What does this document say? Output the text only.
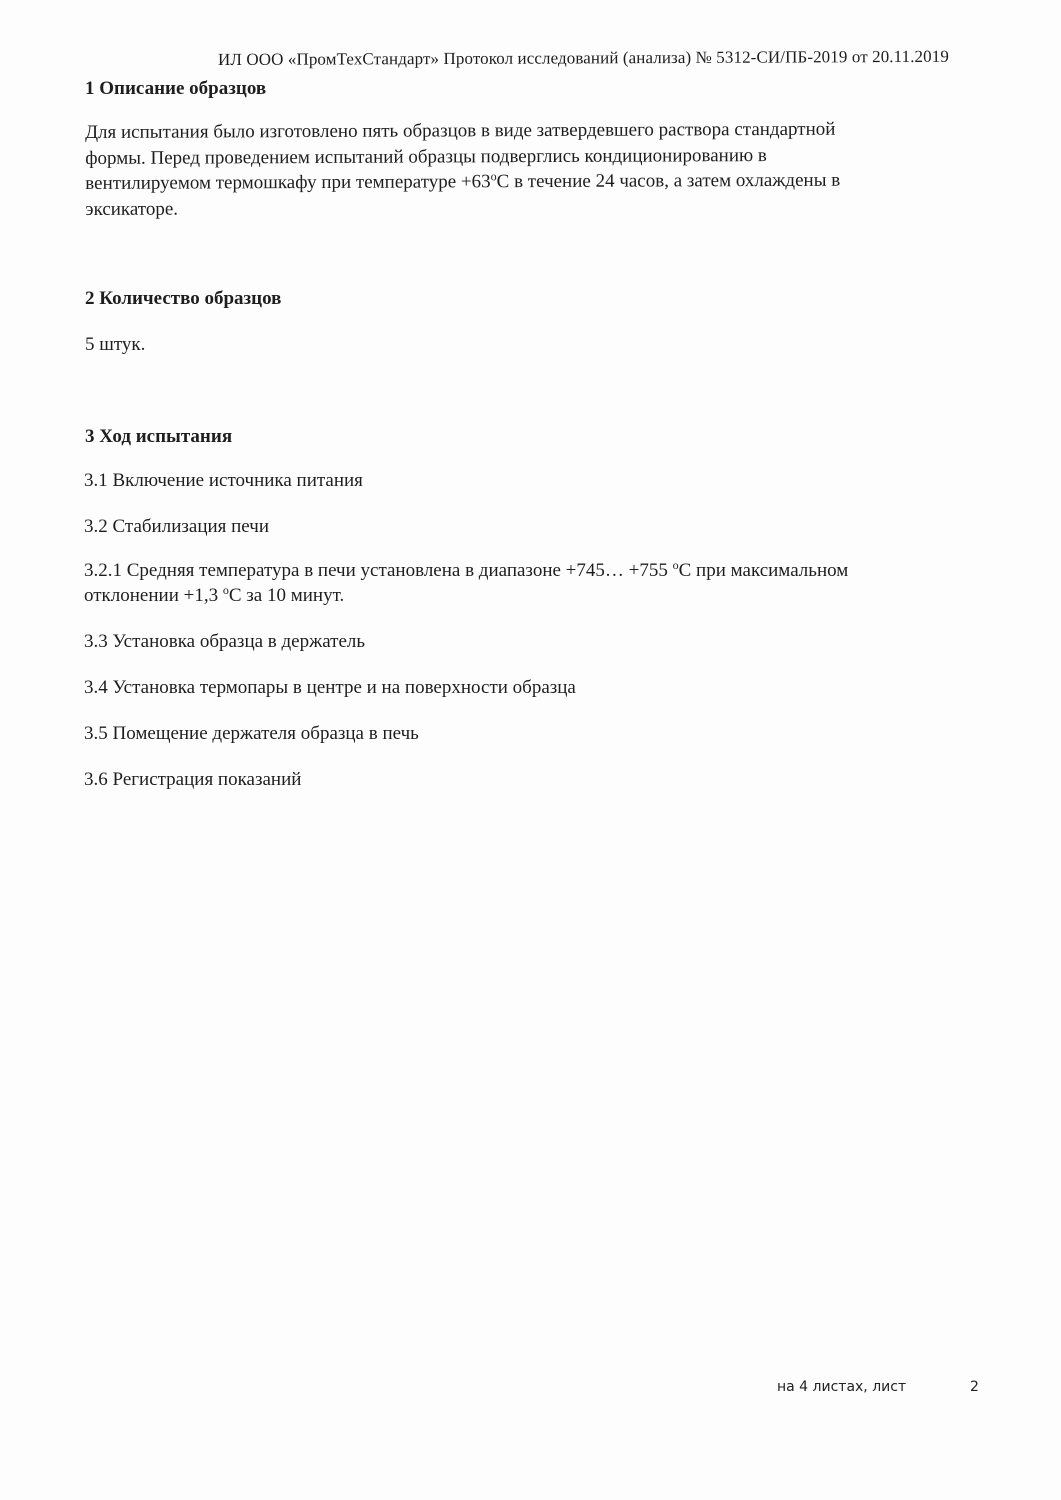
ИЛ ООО «ПромТехСтандарт» Протокол исследований (анализа) № 5312-СИ/ПБ-2019 от 20.11.2019
1 Описание образцов
Для испытания было изготовлено пять образцов в виде затвердевшего раствора стандартной
формы. Перед проведением испытаний образцы подверглись кондиционированию в
вентилируемом термошкафу при температуре $+63^оС$ в течение 24 часов, а затем охлаждены в
эксикаторе.
2 Количество образцов
5 штук.
3 Ход испытания
3.1 Включение источника питания
3.2 Стабилизация печи
3.2.1 Средняя температура в печи установлена в диапазоне +745… +755 $^о$С при максимальном
отклонении +1,3 $^о$С за 10 минут.
3.3 Установка образца в держатель
3.4 Установка термопары в центре и на поверхности образца
3.5 Помещение держателя образца в печь
3.6 Регистрация показаний
на 4 листах, лист	2
